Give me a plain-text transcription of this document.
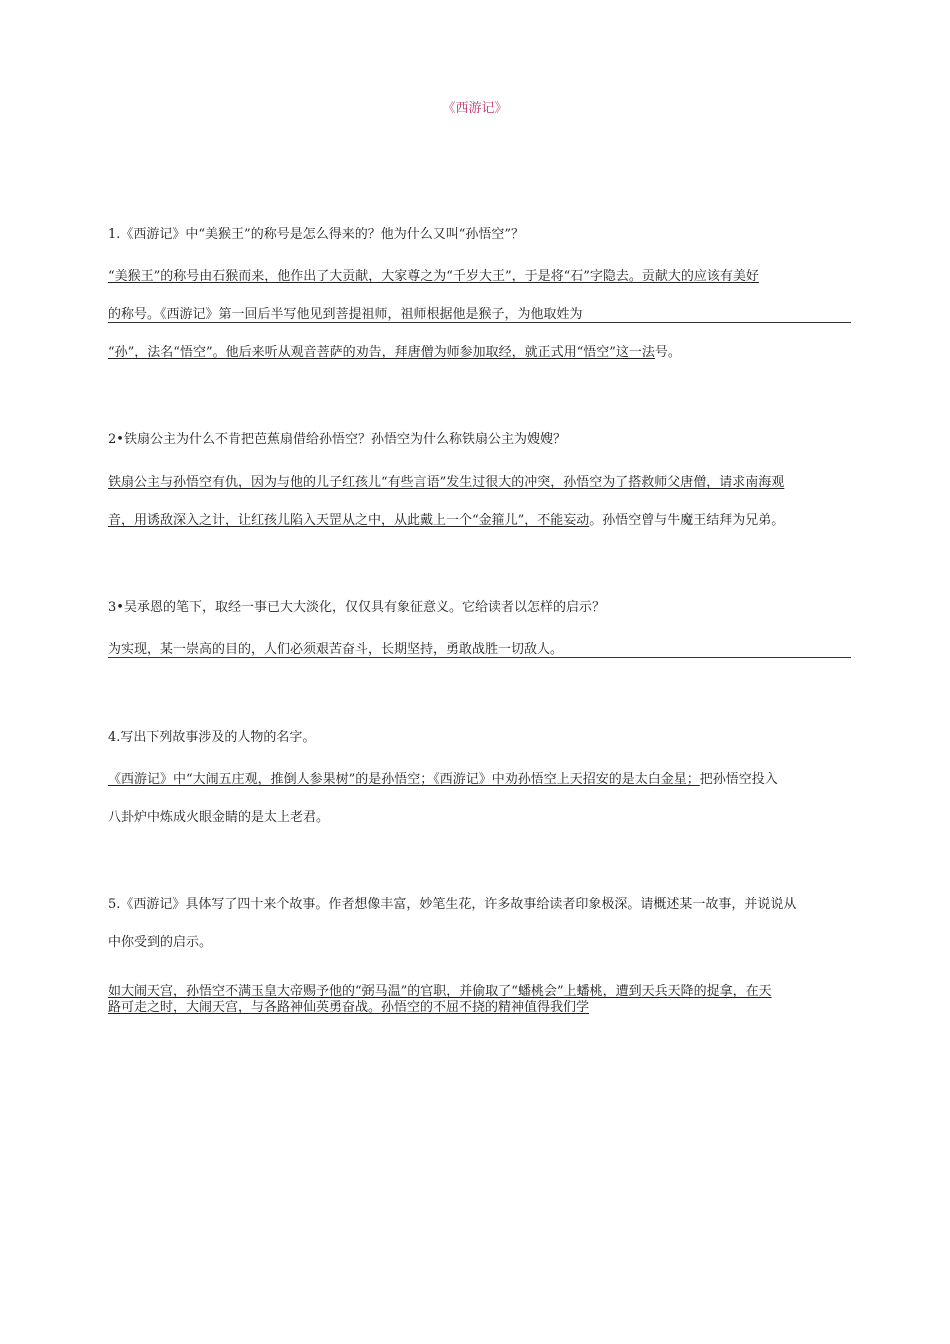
《西游记》
1.《西游记》中“美猴王”的称号是怎么得来的？他为什么又叫“孙悟空”？
“美猴王”的称号由石猴而来，他作出了大贡献，大家尊之为“千岁大王”，于是将“石”字隐去。贡献大的应该有美好
的称号。《西游记》第一回后半写他见到菩提祖师，祖师根据他是猴子，为他取姓为
“孙”，法名“悟空”。他后来听从观音菩萨的劝告，拜唐僧为师参加取经，就正式用“悟空”这一法号。
2•铁扇公主为什么不肯把芭蕉扇借给孙悟空？孙悟空为什么称铁扇公主为嫂嫂？
铁扇公主与孙悟空有仇，因为与他的儿子红孩儿“有些言语”发生过很大的冲突，孙悟空为了搭救师父唐僧，请求南海观
音，用诱敌深入之计，让红孩儿陷入天罡从之中，从此戴上一个“金箍儿”，不能妄动。孙悟空曾与牛魔王结拜为兄弟。
3•吴承恩的笔下，取经一事已大大淡化，仅仅具有象征意义。它给读者以怎样的启示？
为实现，某一崇高的目的，人们必须艰苦奋斗，长期坚持，勇敢战胜一切敌人。
4.写出下列故事涉及的人物的名字。
《西游记》中“大闹五庄观，推倒人参果树”的是孙悟空；《西游记》中劝孙悟空上天招安的是太白金星；把孙悟空投入
八卦炉中炼成火眼金睛的是太上老君。
5.《西游记》具体写了四十来个故事。作者想像丰富，妙笔生花，许多故事给读者印象极深。请概述某一故事，并说说从
中你受到的启示。
如大闹天宫，孙悟空不满玉皇大帝赐予他的“弼马温”的官职，并偷取了“蟠桃会”上蟠桃，遭到天兵天降的捉拿，在天
路可走之时，大闹天宫，与各路神仙英勇奋战。孙悟空的不屈不挠的精神值得我们学
